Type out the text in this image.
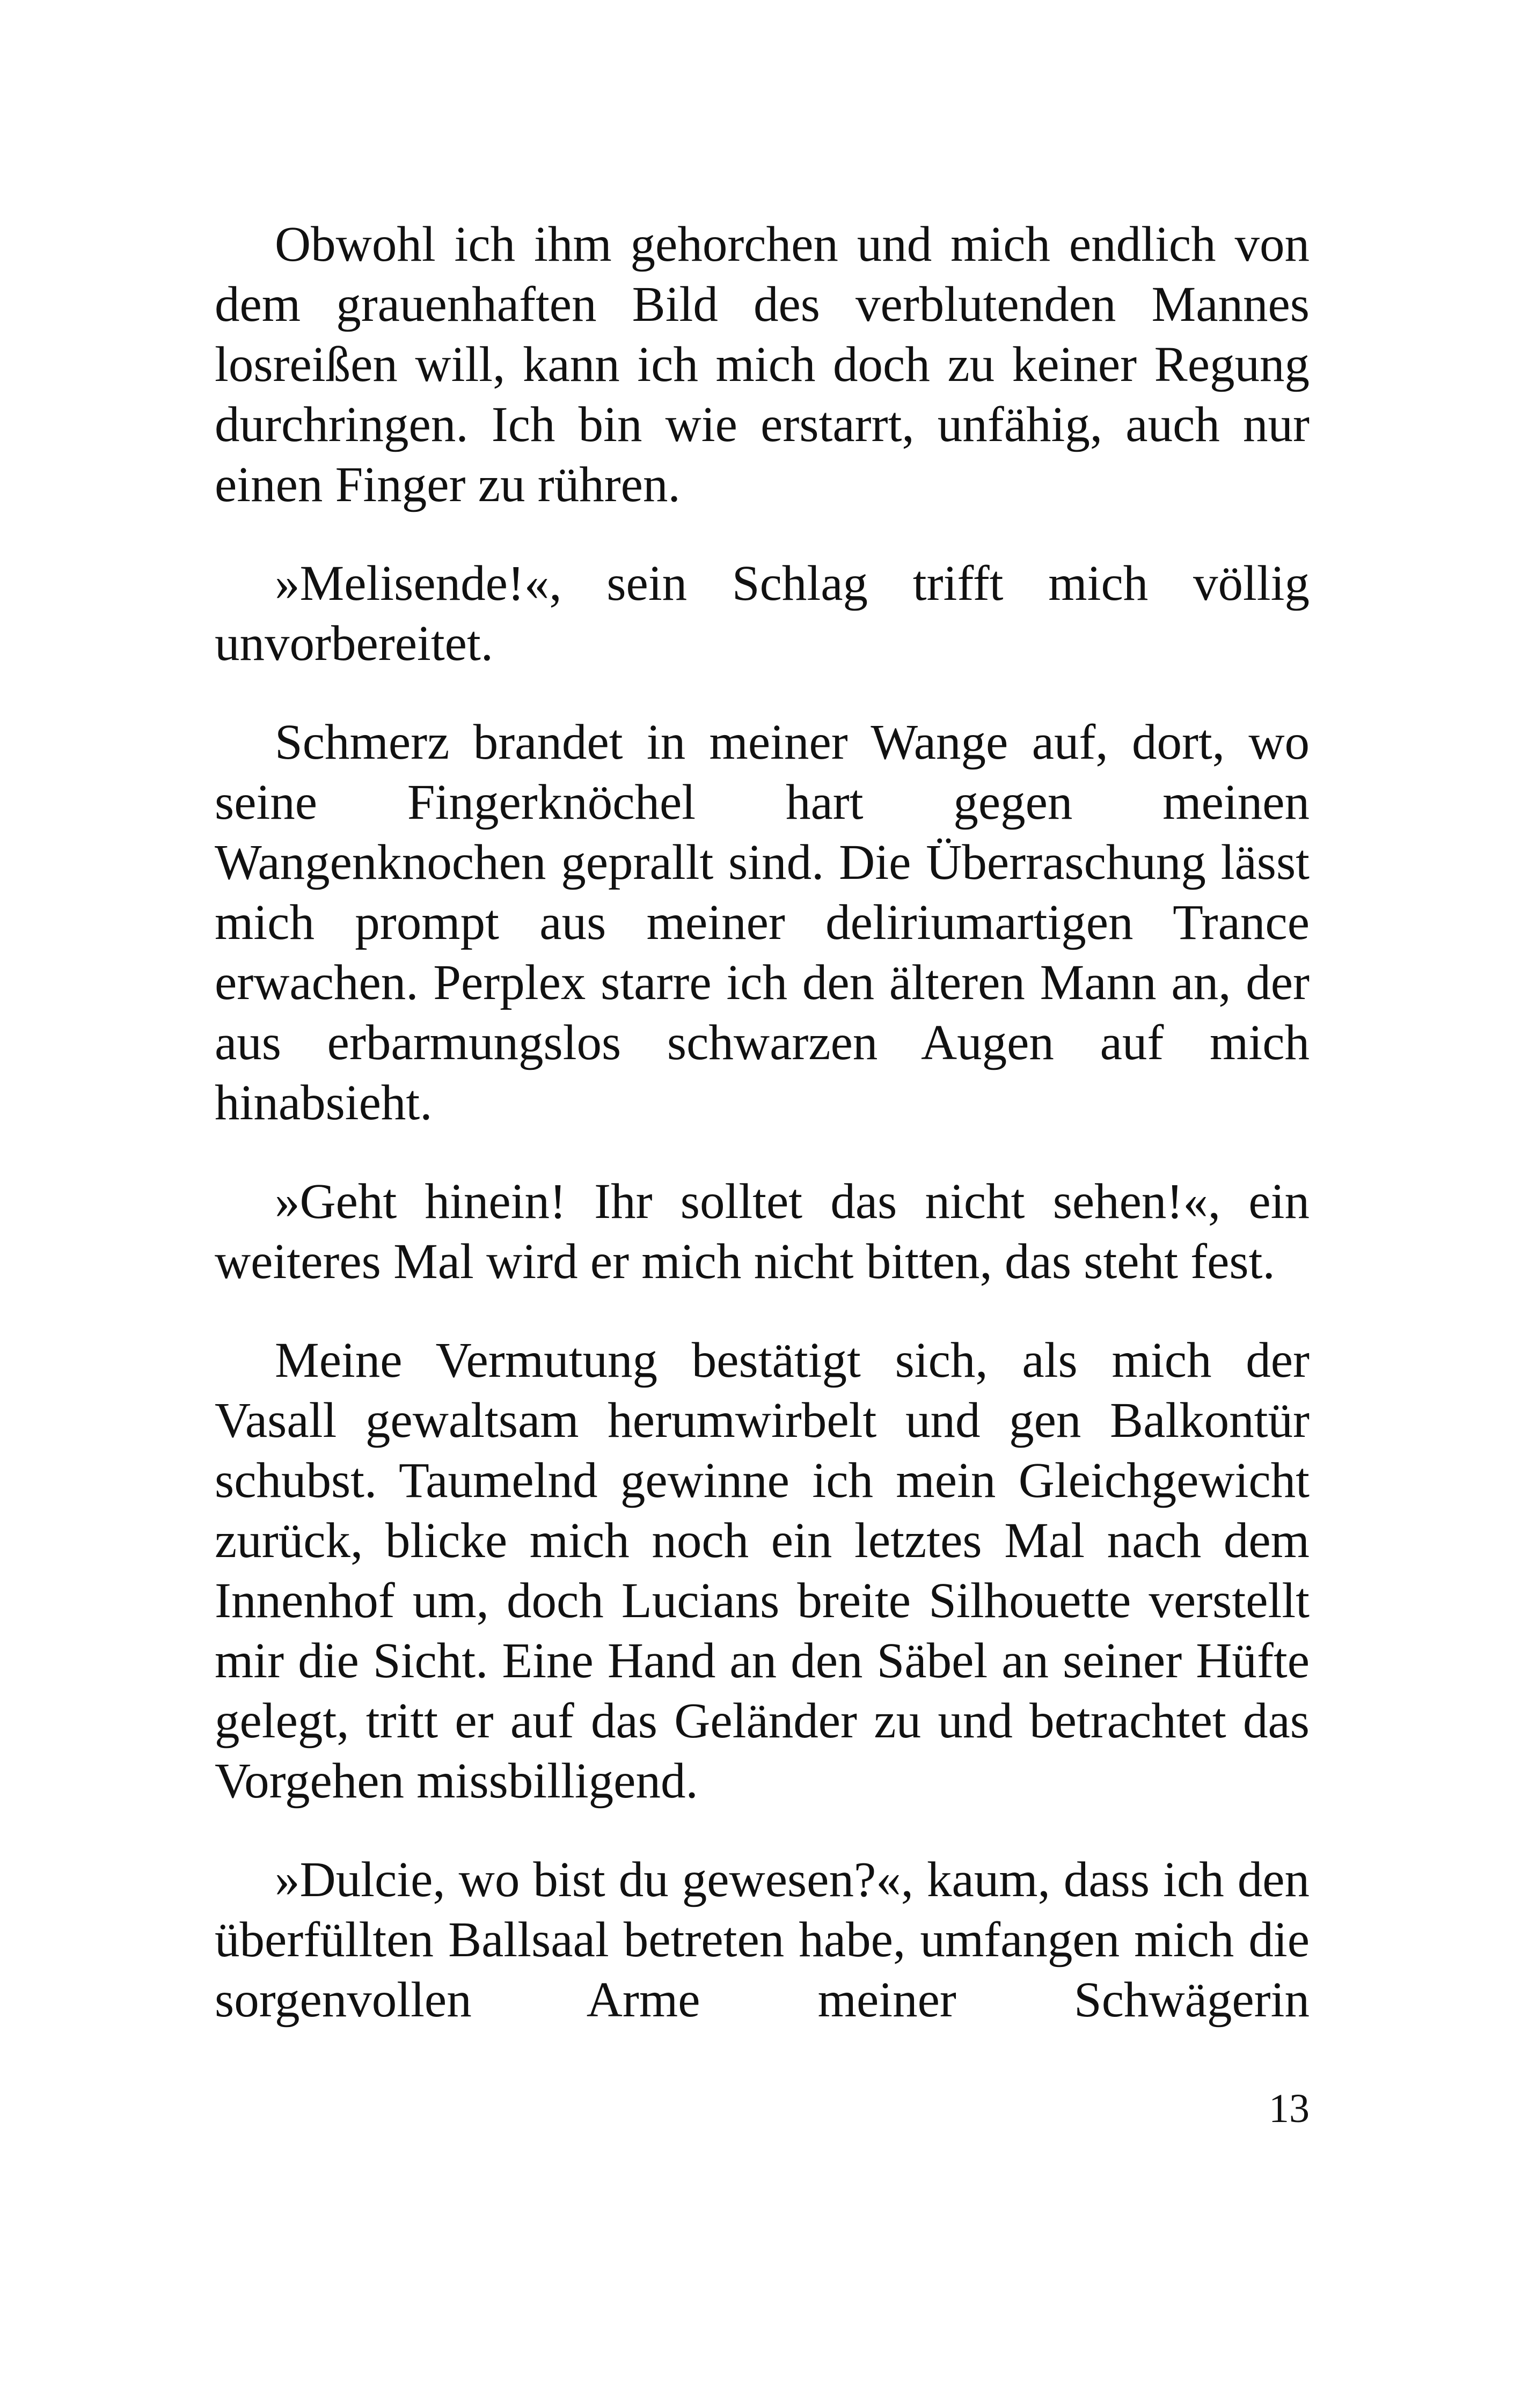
Obwohl ich ihm gehorchen und mich endlich von dem grauenhaften Bild des verblutenden Mannes losreißen will, kann ich mich doch zu keiner Regung durchringen. Ich bin wie erstarrt, unfähig, auch nur einen Finger zu rühren.

»Melisende!«, sein Schlag trifft mich völlig unvorbereitet.

Schmerz brandet in meiner Wange auf, dort, wo seine Fingerknöchel hart gegen meinen Wangenknochen geprallt sind. Die Überraschung lässt mich prompt aus meiner deliriumartigen Trance erwachen. Perplex starre ich den älteren Mann an, der aus erbarmungslos schwarzen Augen auf mich hinabsieht.

»Geht hinein! Ihr solltet das nicht sehen!«, ein weiteres Mal wird er mich nicht bitten, das steht fest.

Meine Vermutung bestätigt sich, als mich der Vasall gewaltsam herumwirbelt und gen Balkontür schubst. Taumelnd gewinne ich mein Gleichgewicht zurück, blicke mich noch ein letztes Mal nach dem Innenhof um, doch Lucians breite Silhouette verstellt mir die Sicht. Eine Hand an den Säbel an seiner Hüfte gelegt, tritt er auf das Geländer zu und betrachtet das Vorgehen missbilligend.

»Dulcie, wo bist du gewesen?«, kaum, dass ich den überfüllten Ballsaal betreten habe, umfangen mich die sorgenvollen Arme meiner Schwägerin

13
